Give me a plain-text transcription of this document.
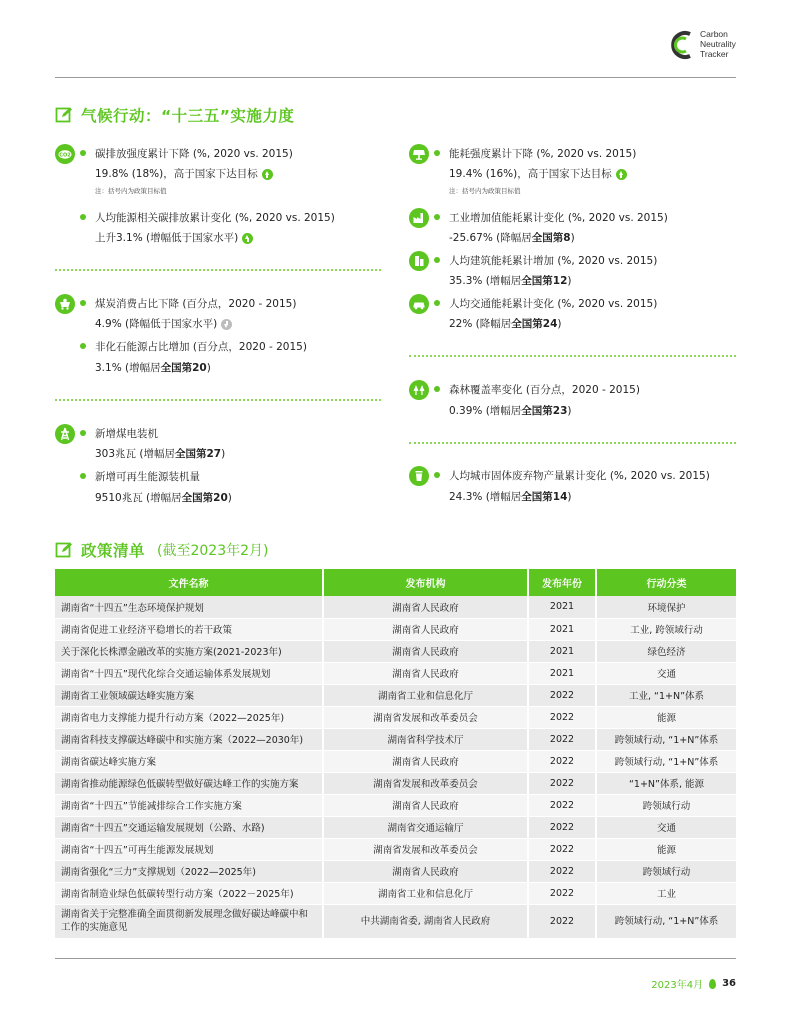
Carbon
Neutrality
Tracker
气候行动：“十三五”实施力度
CO2	碳排放强度累计下降 (%, 2020 vs. 2015)
19.8% (18%)，高于国家下达目标
注：括号内为政策目标值
人均能源相关碳排放累计变化 (%, 2020 vs. 2015)
上升3.1% (增幅低于国家水平)
煤炭消费占比下降 (百分点，2020 - 2015)
4.9% (降幅低于国家水平)
非化石能源占比增加 (百分点，2020 - 2015)
3.1% (增幅居 全国第20 )
新增煤电装机
303兆瓦 (增幅居 全国第27 )
新增可再生能源装机量
9510兆瓦 (增幅居 全国第20 )
能耗强度累计下降 (%, 2020 vs. 2015)
19.4% (16%)，高于国家下达目标
注：括号内为政策目标值
工业增加值能耗累计变化 (%, 2020 vs. 2015)
-25.67% (降幅居 全国第8 )
人均建筑能耗累计增加 (%, 2020 vs. 2015)
35.3% (增幅居 全国第12 )
人均交通能耗累计变化 (%, 2020 vs. 2015)
22% (降幅居 全国第24 )
森林覆盖率变化 (百分点，2020 - 2015)
0.39% (增幅居 全国第23 )
人均城市固体废弃物产量累计变化 (%, 2020 vs. 2015)
24.3% (增幅居 全国第14 )
政策清单 (截至2023年2月)
文件名称	发布机构	发布年份	行动分类
湖南省“十四五”生态环境保护规划	湖南省人民政府	2021	环境保护
湖南省促进工业经济平稳增长的若干政策	湖南省人民政府	2021	工业, 跨领域行动
关于深化长株潭金融改革的实施方案(2021-2023年)	湖南省人民政府	2021	绿色经济
湖南省“十四五”现代化综合交通运输体系发展规划	湖南省人民政府	2021	交通
湖南省工业领域碳达峰实施方案	湖南省工业和信息化厅	2022	工业, “1+N”体系
湖南省电力支撑能力提升行动方案（2022—2025年)	湖南省发展和改革委员会	2022	能源
湖南省科技支撑碳达峰碳中和实施方案（2022—2030年)	湖南省科学技术厅	2022	跨领域行动, “1+N”体系
湖南省碳达峰实施方案	湖南省人民政府	2022	跨领域行动, “1+N”体系
湖南省推动能源绿色低碳转型做好碳达峰工作的实施方案	湖南省发展和改革委员会	2022	“1+N”体系, 能源
湖南省“十四五”节能减排综合工作实施方案	湖南省人民政府	2022	跨领域行动
湖南省“十四五”交通运输发展规划（公路、水路)	湖南省交通运输厅	2022	交通
湖南省“十四五”可再生能源发展规划	湖南省发展和改革委员会	2022	能源
湖南省强化“三力”支撑规划（2022—2025年)	湖南省人民政府	2022	跨领域行动
湖南省制造业绿色低碳转型行动方案（2022－2025年)	湖南省工业和信息化厅	2022	工业
湖南省关于完整准确全面贯彻新发展理念做好碳达峰碳中和工作的实施意见	中共湖南省委, 湖南省人民政府	2022	跨领域行动, “1+N”体系
2023年4月 36
